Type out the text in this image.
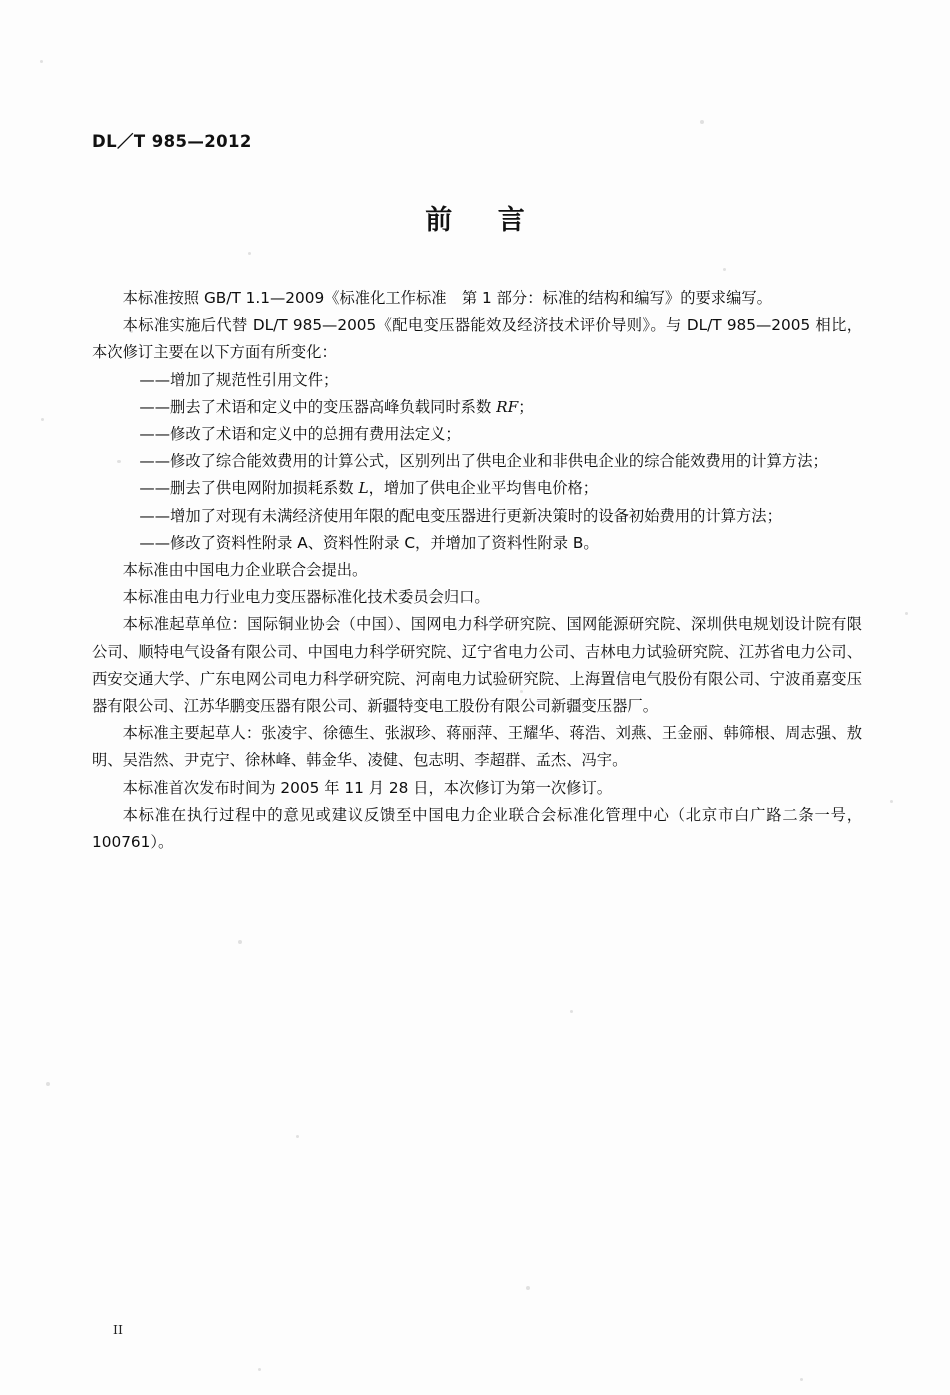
DL／T 985—2012
前 言

本标准按照 GB/T 1.1—2009《标准化工作标准　第 1 部分：标准的结构和编写》的要求编写。

本标准实施后代替 DL/T 985—2005《配电变压器能效及经济技术评价导则》。与 DL/T 985—2005 相比，本次修订主要在以下方面有所变化：

——增加了规范性引用文件；

——删去了术语和定义中的变压器高峰负载同时系数 RF；

——修改了术语和定义中的总拥有费用法定义；

——修改了综合能效费用的计算公式，区别列出了供电企业和非供电企业的综合能效费用的计算方法；

——删去了供电网附加损耗系数 L，增加了供电企业平均售电价格；

——增加了对现有未满经济使用年限的配电变压器进行更新决策时的设备初始费用的计算方法；

——修改了资料性附录 A、资料性附录 C，并增加了资料性附录 B。

本标准由中国电力企业联合会提出。

本标准由电力行业电力变压器标准化技术委员会归口。

本标准起草单位：国际铜业协会（中国）、国网电力科学研究院、国网能源研究院、深圳供电规划设计院有限公司、顺特电气设备有限公司、中国电力科学研究院、辽宁省电力公司、吉林电力试验研究院、江苏省电力公司、西安交通大学、广东电网公司电力科学研究院、河南电力试验研究院、上海置信电气股份有限公司、宁波甬嘉变压器有限公司、江苏华鹏变压器有限公司、新疆特变电工股份有限公司新疆变压器厂。

本标准主要起草人：张凌宇、徐德生、张淑珍、蒋丽萍、王耀华、蒋浩、刘燕、王金丽、韩筛根、周志强、敖明、吴浩然、尹克宁、徐林峰、韩金华、凌健、包志明、李超群、孟杰、冯宇。

本标准首次发布时间为 2005 年 11 月 28 日，本次修订为第一次修订。

本标准在执行过程中的意见或建议反馈至中国电力企业联合会标准化管理中心（北京市白广路二条一号，100761）。

II
